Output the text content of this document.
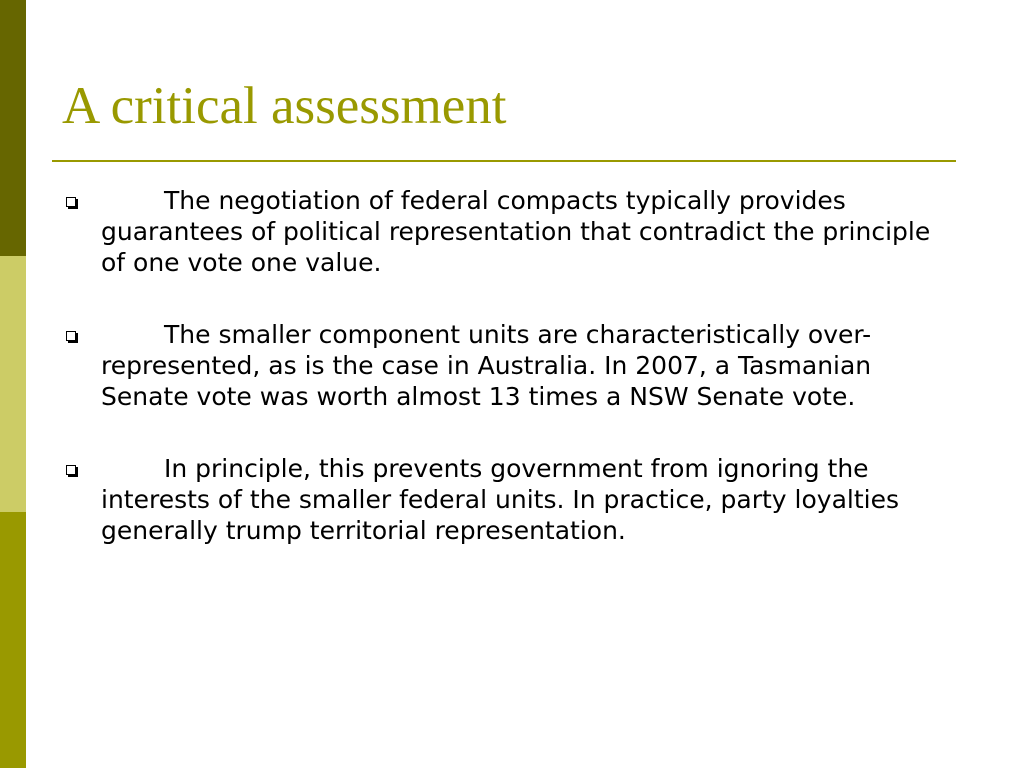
A critical assessment
The negotiation of federal compacts typically provides guarantees of political representation that contradict the principle of one vote one value.
The smaller component units are characteristically over-represented, as is the case in Australia. In 2007, a Tasmanian Senate vote was worth almost 13 times a NSW Senate vote.
In principle, this prevents government from ignoring the interests of the smaller federal units. In practice, party loyalties generally trump territorial representation.
